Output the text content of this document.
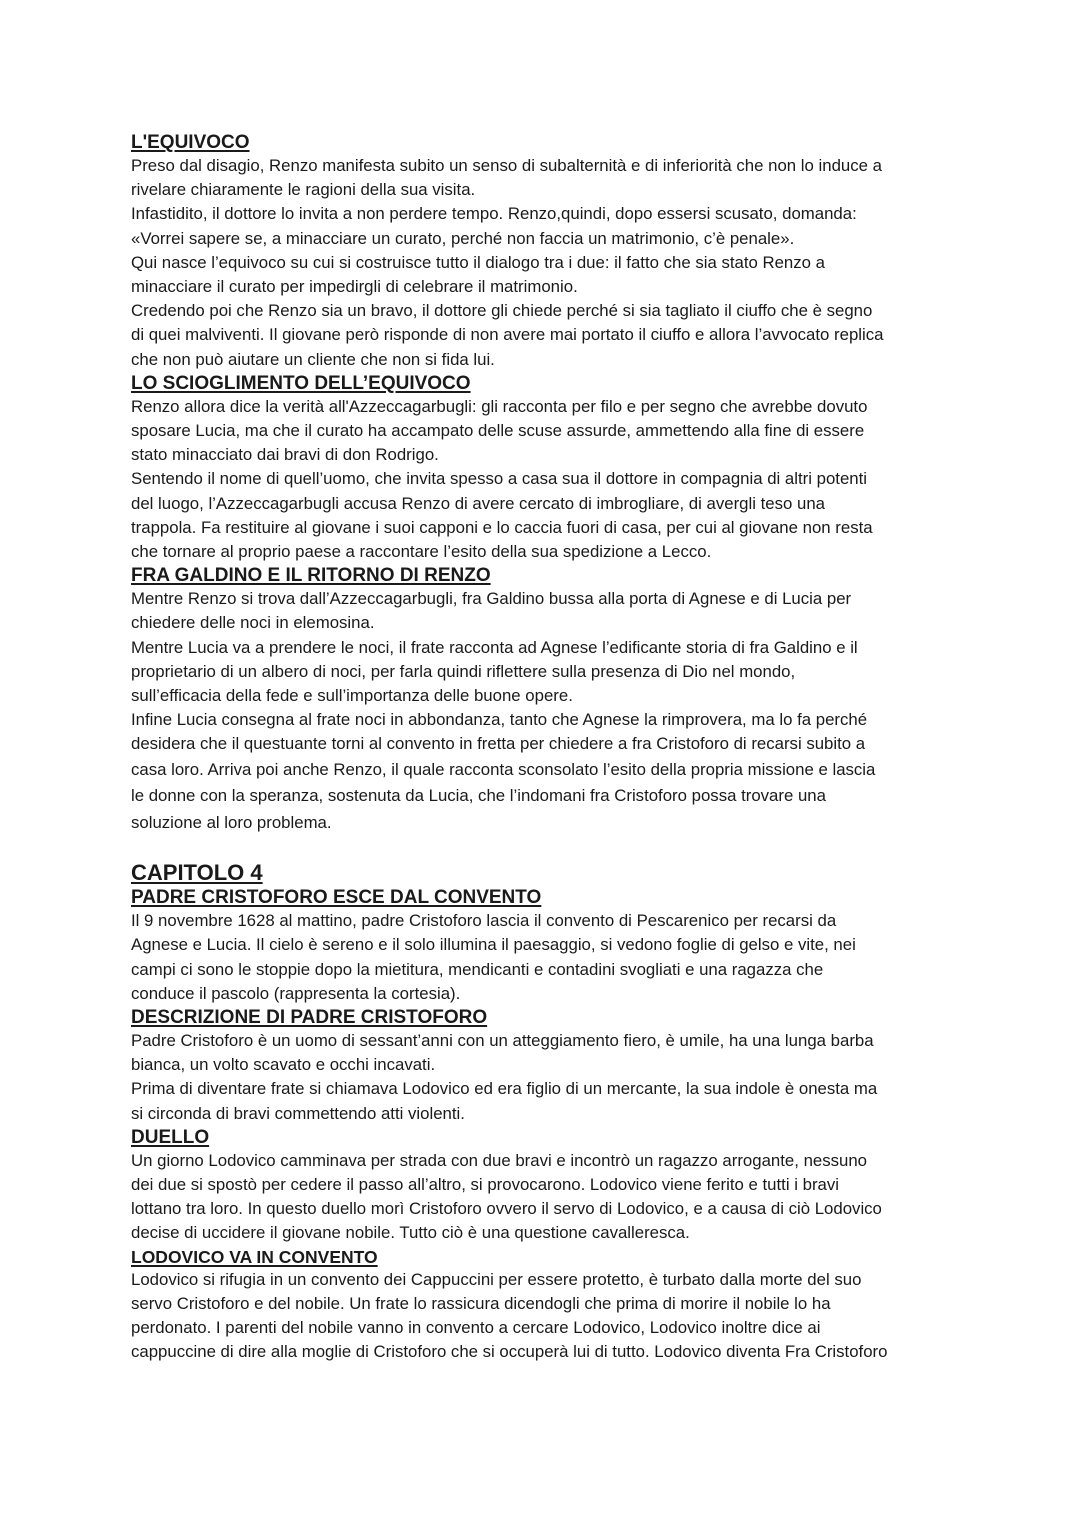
L'EQUIVOCO
Preso dal disagio, Renzo manifesta subito un senso di subalternità e di inferiorità che non lo induce a
rivelare chiaramente le ragioni della sua visita.
Infastidito, il dottore lo invita a non perdere tempo. Renzo,quindi, dopo essersi scusato, domanda:
«Vorrei sapere se, a minacciare un curato, perché non faccia un matrimonio, c’è penale».
Qui nasce l’equivoco su cui si costruisce tutto il dialogo tra i due: il fatto che sia stato Renzo a
minacciare il curato per impedirgli di celebrare il matrimonio.
Credendo poi che Renzo sia un bravo, il dottore gli chiede perché si sia tagliato il ciuffo che è segno
di quei malviventi. Il giovane però risponde di non avere mai portato il ciuffo e allora l’avvocato replica
che non può aiutare un cliente che non si fida lui.
LO SCIOGLIMENTO DELL’EQUIVOCO
Renzo allora dice la verità all'Azzeccagarbugli: gli racconta per filo e per segno che avrebbe dovuto
sposare Lucia, ma che il curato ha accampato delle scuse assurde, ammettendo alla fine di essere
stato minacciato dai bravi di don Rodrigo.
Sentendo il nome di quell’uomo, che invita spesso a casa sua il dottore in compagnia di altri potenti
del luogo, l’Azzeccagarbugli accusa Renzo di avere cercato di imbrogliare, di avergli teso una
trappola. Fa restituire al giovane i suoi capponi e lo caccia fuori di casa, per cui al giovane non resta
che tornare al proprio paese a raccontare l’esito della sua spedizione a Lecco.
FRA GALDINO E IL RITORNO DI RENZO
Mentre Renzo si trova dall’Azzeccagarbugli, fra Galdino bussa alla porta di Agnese e di Lucia per
chiedere delle noci in elemosina.
Mentre Lucia va a prendere le noci, il frate racconta ad Agnese l’edificante storia di fra Galdino e il
proprietario di un albero di noci, per farla quindi riflettere sulla presenza di Dio nel mondo,
sull’efficacia della fede e sull’importanza delle buone opere.
Infine Lucia consegna al frate noci in abbondanza, tanto che Agnese la rimprovera, ma lo fa perché
desidera che il questuante torni al convento in fretta per chiedere a fra Cristoforo di recarsi subito a
casa loro. Arriva poi anche Renzo, il quale racconta sconsolato l’esito della propria missione e lascia
le donne con la speranza, sostenuta da Lucia, che l’indomani fra Cristoforo possa trovare una
soluzione al loro problema.
CAPITOLO 4
PADRE CRISTOFORO ESCE DAL CONVENTO
Il 9 novembre 1628 al mattino, padre Cristoforo lascia il convento di Pescarenico per recarsi da
Agnese e Lucia. Il cielo è sereno e il solo illumina il paesaggio, si vedono foglie di gelso e vite, nei
campi ci sono le stoppie dopo la mietitura, mendicanti e contadini svogliati e una ragazza che
conduce il pascolo (rappresenta la cortesia).
DESCRIZIONE DI PADRE CRISTOFORO
Padre Cristoforo è un uomo di sessant’anni con un atteggiamento fiero, è umile, ha una lunga barba
bianca, un volto scavato e occhi incavati.
Prima di diventare frate si chiamava Lodovico ed era figlio di un mercante, la sua indole è onesta ma
si circonda di bravi commettendo atti violenti.
DUELLO
Un giorno Lodovico camminava per strada con due bravi e incontrò un ragazzo arrogante, nessuno
dei due si spostò per cedere il passo all’altro, si provocarono. Lodovico viene ferito e tutti i bravi
lottano tra loro. In questo duello morì Cristoforo ovvero il servo di Lodovico, e a causa di ciò Lodovico
decise di uccidere il giovane nobile. Tutto ciò è una questione cavalleresca.
LODOVICO VA IN CONVENTO
Lodovico si rifugia in un convento dei Cappuccini per essere protetto, è turbato dalla morte del suo
servo Cristoforo e del nobile. Un frate lo rassicura dicendogli che prima di morire il nobile lo ha
perdonato. I parenti del nobile vanno in convento a cercare Lodovico, Lodovico inoltre dice ai
cappuccine di dire alla moglie di Cristoforo che si occuperà lui di tutto. Lodovico diventa Fra Cristoforo
